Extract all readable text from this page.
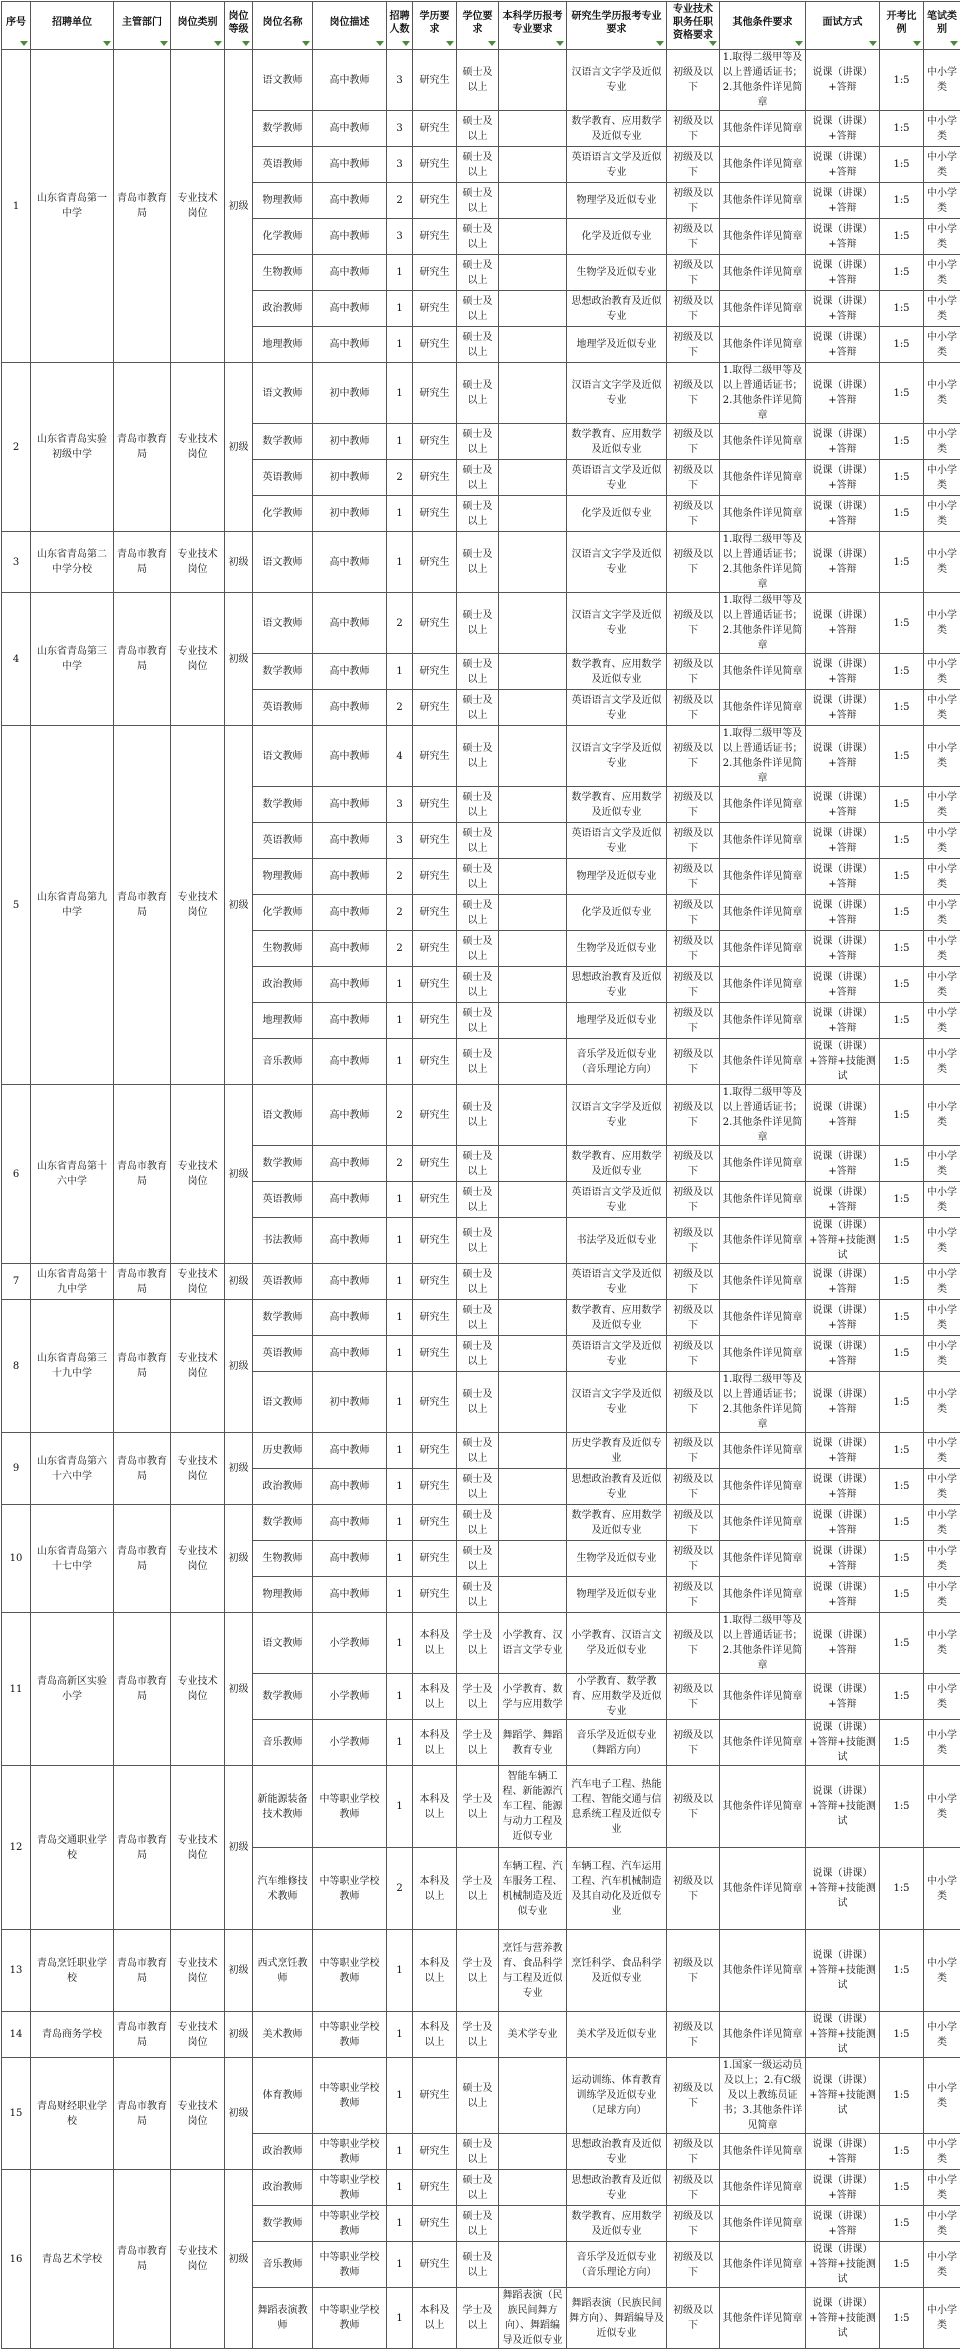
序号	招聘单位	主管部门	岗位类别	岗位等级	岗位名称	岗位描述	招聘人数	学历要求	学位要求	本科学历报考专业要求	研究生学历报考专业要求	专业技术职务任职资格要求	其他条件要求	面试方式	开考比例	笔试类别

1	山东省青岛第一中学	青岛市教育局	专业技术岗位	初级	语文教师	高中教师	3	研究生	硕士及以上		汉语言文字学及近似专业	初级及以下	1.取得二级甲等及以上普通话证书；2.其他条件详见简章	说课（讲课）+答辩	1:5	中小学类
					数学教师	高中教师	3	研究生	硕士及以上		数学教育、应用数学及近似专业	初级及以下	其他条件详见简章	说课（讲课）+答辩	1:5	中小学类
					英语教师	高中教师	3	研究生	硕士及以上		英语语言文学及近似专业	初级及以下	其他条件详见简章	说课（讲课）+答辩	1:5	中小学类
					物理教师	高中教师	2	研究生	硕士及以上		物理学及近似专业	初级及以下	其他条件详见简章	说课（讲课）+答辩	1:5	中小学类
					化学教师	高中教师	3	研究生	硕士及以上		化学及近似专业	初级及以下	其他条件详见简章	说课（讲课）+答辩	1:5	中小学类
					生物教师	高中教师	1	研究生	硕士及以上		生物学及近似专业	初级及以下	其他条件详见简章	说课（讲课）+答辩	1:5	中小学类
					政治教师	高中教师	1	研究生	硕士及以上		思想政治教育及近似专业	初级及以下	其他条件详见简章	说课（讲课）+答辩	1:5	中小学类
					地理教师	高中教师	1	研究生	硕士及以上		地理学及近似专业	初级及以下	其他条件详见简章	说课（讲课）+答辩	1:5	中小学类
2	山东省青岛实验初级中学	青岛市教育局	专业技术岗位	初级	语文教师	初中教师	1	研究生	硕士及以上		汉语言文字学及近似专业	初级及以下	1.取得二级甲等及以上普通话证书；2.其他条件详见简章	说课（讲课）+答辩	1:5	中小学类
					数学教师	初中教师	1	研究生	硕士及以上		数学教育、应用数学及近似专业	初级及以下	其他条件详见简章	说课（讲课）+答辩	1:5	中小学类
					英语教师	初中教师	2	研究生	硕士及以上		英语语言文学及近似专业	初级及以下	其他条件详见简章	说课（讲课）+答辩	1:5	中小学类
					化学教师	初中教师	1	研究生	硕士及以上		化学及近似专业	初级及以下	其他条件详见简章	说课（讲课）+答辩	1:5	中小学类
3	山东省青岛第二中学分校	青岛市教育局	专业技术岗位	初级	语文教师	高中教师	1	研究生	硕士及以上		汉语言文字学及近似专业	初级及以下	1.取得二级甲等及以上普通话证书；2.其他条件详见简章	说课（讲课）+答辩	1:5	中小学类
4	山东省青岛第三中学	青岛市教育局	专业技术岗位	初级	语文教师	高中教师	2	研究生	硕士及以上		汉语言文字学及近似专业	初级及以下	1.取得二级甲等及以上普通话证书；2.其他条件详见简章	说课（讲课）+答辩	1:5	中小学类
					数学教师	高中教师	1	研究生	硕士及以上		数学教育、应用数学及近似专业	初级及以下	其他条件详见简章	说课（讲课）+答辩	1:5	中小学类
					英语教师	高中教师	2	研究生	硕士及以上		英语语言文学及近似专业	初级及以下	其他条件详见简章	说课（讲课）+答辩	1:5	中小学类
5	山东省青岛第九中学	青岛市教育局	专业技术岗位	初级	语文教师	高中教师	4	研究生	硕士及以上		汉语言文字学及近似专业	初级及以下	1.取得二级甲等及以上普通话证书；2.其他条件详见简章	说课（讲课）+答辩	1:5	中小学类
					数学教师	高中教师	3	研究生	硕士及以上		数学教育、应用数学及近似专业	初级及以下	其他条件详见简章	说课（讲课）+答辩	1:5	中小学类
					英语教师	高中教师	3	研究生	硕士及以上		英语语言文学及近似专业	初级及以下	其他条件详见简章	说课（讲课）+答辩	1:5	中小学类
					物理教师	高中教师	2	研究生	硕士及以上		物理学及近似专业	初级及以下	其他条件详见简章	说课（讲课）+答辩	1:5	中小学类
					化学教师	高中教师	2	研究生	硕士及以上		化学及近似专业	初级及以下	其他条件详见简章	说课（讲课）+答辩	1:5	中小学类
					生物教师	高中教师	2	研究生	硕士及以上		生物学及近似专业	初级及以下	其他条件详见简章	说课（讲课）+答辩	1:5	中小学类
					政治教师	高中教师	1	研究生	硕士及以上		思想政治教育及近似专业	初级及以下	其他条件详见简章	说课（讲课）+答辩	1:5	中小学类
					地理教师	高中教师	1	研究生	硕士及以上		地理学及近似专业	初级及以下	其他条件详见简章	说课（讲课）+答辩	1:5	中小学类
					音乐教师	高中教师	1	研究生	硕士及以上		音乐学及近似专业（音乐理论方向）	初级及以下	其他条件详见简章	说课（讲课）+答辩+技能测试	1:5	中小学类
6	山东省青岛第十六中学	青岛市教育局	专业技术岗位	初级	语文教师	高中教师	2	研究生	硕士及以上		汉语言文字学及近似专业	初级及以下	1.取得二级甲等及以上普通话证书；2.其他条件详见简章	说课（讲课）+答辩	1:5	中小学类
					数学教师	高中教师	2	研究生	硕士及以上		数学教育、应用数学及近似专业	初级及以下	其他条件详见简章	说课（讲课）+答辩	1:5	中小学类
					英语教师	高中教师	1	研究生	硕士及以上		英语语言文学及近似专业	初级及以下	其他条件详见简章	说课（讲课）+答辩	1:5	中小学类
					书法教师	高中教师	1	研究生	硕士及以上		书法学及近似专业	初级及以下	其他条件详见简章	说课（讲课）+答辩+技能测试	1:5	中小学类
7	山东省青岛第十九中学	青岛市教育局	专业技术岗位	初级	英语教师	高中教师	1	研究生	硕士及以上		英语语言文学及近似专业	初级及以下	其他条件详见简章	说课（讲课）+答辩	1:5	中小学类
8	山东省青岛第三十九中学	青岛市教育局	专业技术岗位	初级	数学教师	高中教师	1	研究生	硕士及以上		数学教育、应用数学及近似专业	初级及以下	其他条件详见简章	说课（讲课）+答辩	1:5	中小学类
					英语教师	高中教师	1	研究生	硕士及以上		英语语言文学及近似专业	初级及以下	其他条件详见简章	说课（讲课）+答辩	1:5	中小学类
					语文教师	初中教师	1	研究生	硕士及以上		汉语言文字学及近似专业	初级及以下	1.取得二级甲等及以上普通话证书；2.其他条件详见简章	说课（讲课）+答辩	1:5	中小学类
9	山东省青岛第六十六中学	青岛市教育局	专业技术岗位	初级	历史教师	高中教师	1	研究生	硕士及以上		历史学教育及近似专业	初级及以下	其他条件详见简章	说课（讲课）+答辩	1:5	中小学类
					政治教师	高中教师	1	研究生	硕士及以上		思想政治教育及近似专业	初级及以下	其他条件详见简章	说课（讲课）+答辩	1:5	中小学类
10	山东省青岛第六十七中学	青岛市教育局	专业技术岗位	初级	数学教师	高中教师	1	研究生	硕士及以上		数学教育、应用数学及近似专业	初级及以下	其他条件详见简章	说课（讲课）+答辩	1:5	中小学类
					生物教师	高中教师	1	研究生	硕士及以上		生物学及近似专业	初级及以下	其他条件详见简章	说课（讲课）+答辩	1:5	中小学类
					物理教师	高中教师	1	研究生	硕士及以上		物理学及近似专业	初级及以下	其他条件详见简章	说课（讲课）+答辩	1:5	中小学类
11	青岛高新区实验小学	青岛市教育局	专业技术岗位	初级	语文教师	小学教师	1	本科及以上	学士及以上	小学教育、汉语言文学专业	小学教育、汉语言文学及近似专业	初级及以下	1.取得二级甲等及以上普通话证书；2.其他条件详见简章	说课（讲课）+答辩	1:5	中小学类
					数学教师	小学教师	1	本科及以上	学士及以上	小学教育、数学与应用数学	小学教育、数学教育、应用数学及近似专业	初级及以下	其他条件详见简章	说课（讲课）+答辩	1:5	中小学类
					音乐教师	小学教师	1	本科及以上	学士及以上	舞蹈学、舞蹈教育专业	音乐学及近似专业（舞蹈方向）	初级及以下	其他条件详见简章	说课（讲课）+答辩+技能测试	1:5	中小学类
12	青岛交通职业学校	青岛市教育局	专业技术岗位	初级	新能源装备技术教师	中等职业学校教师	1	本科及以上	学士及以上	智能车辆工程、新能源汽车工程、能源与动力工程及近似专业	汽车电子工程、热能工程、智能交通与信息系统工程及近似专业	初级及以下	其他条件详见简章	说课（讲课）+答辩+技能测试	1:5	中小学类
					汽车维修技术教师	中等职业学校教师	2	本科及以上	学士及以上	车辆工程、汽车服务工程、机械制造及近似专业	车辆工程、汽车运用工程、汽车机械制造及其自动化及近似专业	初级及以下	其他条件详见简章	说课（讲课）+答辩+技能测试	1:5	中小学类
13	青岛烹饪职业学校	青岛市教育局	专业技术岗位	初级	西式烹饪教师	中等职业学校教师	1	本科及以上	学士及以上	烹饪与营养教育、食品科学与工程及近似专业	烹饪科学、食品科学及近似专业	初级及以下	其他条件详见简章	说课（讲课）+答辩+技能测试	1:5	中小学类
14	青岛商务学校	青岛市教育局	专业技术岗位	初级	美术教师	中等职业学校教师	1	本科及以上	学士及以上	美术学专业	美术学及近似专业	初级及以下	其他条件详见简章	说课（讲课）+答辩+技能测试	1:5	中小学类
15	青岛财经职业学校	青岛市教育局	专业技术岗位	初级	体育教师	中等职业学校教师	1	研究生	硕士及以上		运动训练、体育教育训练学及近似专业（足球方向）	初级及以下	1.国家一级运动员及以上；2.有C级及以上教练员证书；3.其他条件详见简章	说课（讲课）+答辩+技能测试	1:5	中小学类
					政治教师	中等职业学校教师	1	研究生	硕士及以上		思想政治教育及近似专业	初级及以下	其他条件详见简章	说课（讲课）+答辩	1:5	中小学类
16	青岛艺术学校	青岛市教育局	专业技术岗位	初级	政治教师	中等职业学校教师	1	研究生	硕士及以上		思想政治教育及近似专业	初级及以下	其他条件详见简章	说课（讲课）+答辩	1:5	中小学类
					数学教师	中等职业学校教师	1	研究生	硕士及以上		数学教育、应用数学及近似专业	初级及以下	其他条件详见简章	说课（讲课）+答辩	1:5	中小学类
					音乐教师	中等职业学校教师	1	研究生	硕士及以上		音乐学及近似专业（音乐理论方向）	初级及以下	其他条件详见简章	说课（讲课）+答辩+技能测试	1:5	中小学类
					舞蹈表演教师	中等职业学校教师	1	本科及以上	学士及以上	舞蹈表演（民族民间舞方向）、舞蹈编导及近似专业	舞蹈表演（民族民间舞方向）、舞蹈编导及近似专业	初级及以下	其他条件详见简章	说课（讲课）+答辩+技能测试	1:5	中小学类
